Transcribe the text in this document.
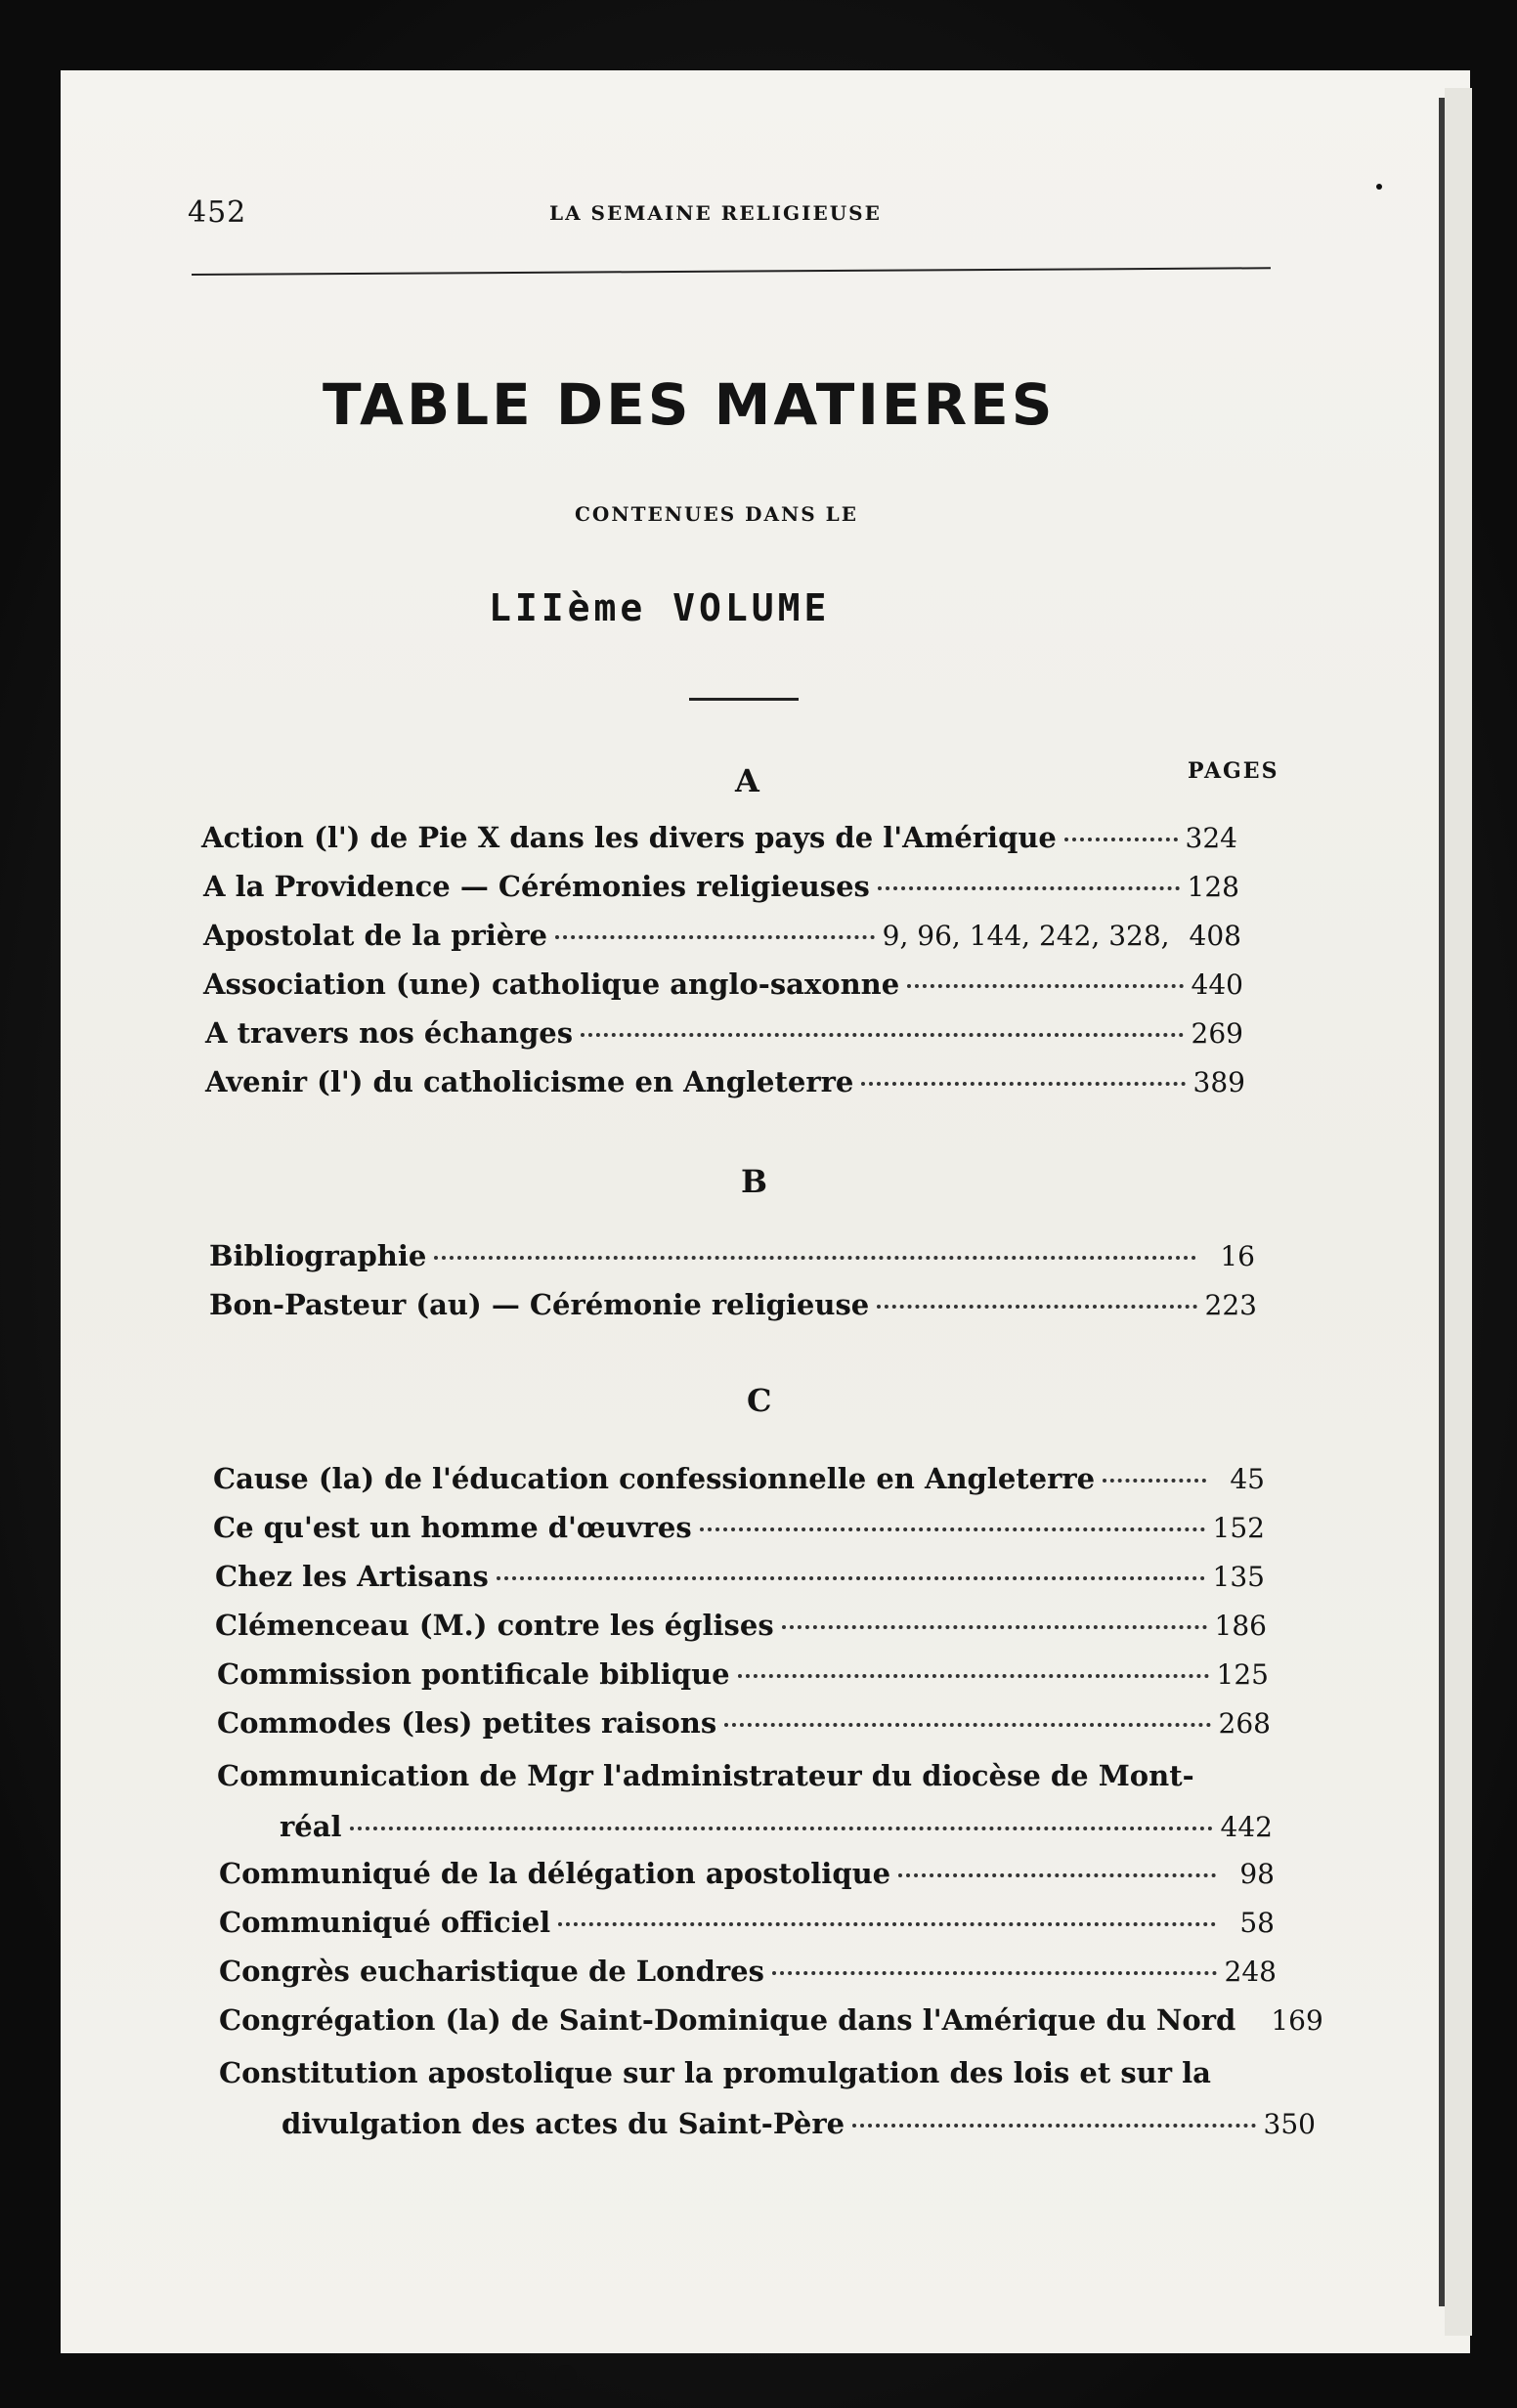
452	LA SEMAINE RELIGIEUSE
TABLE DES MATIERES
CONTENUES DANS LE
LIIème VOLUME
PAGES
A
Action (l') de Pie X dans les divers pays de l'Amérique	324
A la Providence — Cérémonies religieuses	128
Apostolat de la prière	9, 96, 144, 242, 328, 408
Association (une) catholique anglo-saxonne	440
A travers nos échanges	269
Avenir (l') du catholicisme en Angleterre	389
B
Bibliographie	16
Bon-Pasteur (au) — Cérémonie religieuse	223
C
Cause (la) de l'éducation confessionnelle en Angleterre	45
Ce qu'est un homme d'œuvres	152
Chez les Artisans	135
Clémenceau (M.) contre les églises	186
Commission pontificale biblique	125
Commodes (les) petites raisons	268
Communication de Mgr l'administrateur du diocèse de Mont-
réal	442
Communiqué de la délégation apostolique	98
Communiqué officiel	58
Congrès eucharistique de Londres	248
Congrégation (la) de Saint-Dominique dans l'Amérique du Nord 169
Constitution apostolique sur la promulgation des lois et sur la
divulgation des actes du Saint-Père	350
